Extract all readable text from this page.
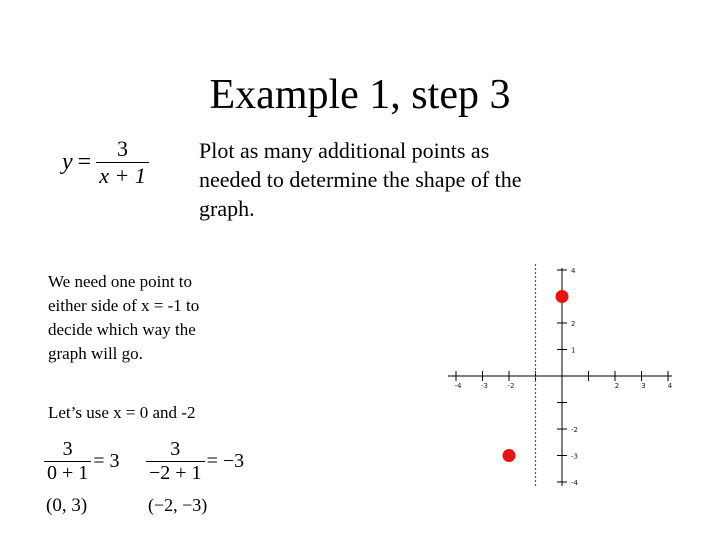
Example 1, step 3
$y = \frac{3}{x + 1}$ Plot as many additional points as needed to determine the shape of the graph.
We need one point to either side of x = -1 to decide which way the graph will go.
Let’s use x = 0 and -2
$\frac{3}{0 + 1} = 3 \frac{3}{-2 + 1} = -3$
(0, 3)	(−2, −3)
-4	-3	-2	2	3	4
4
2
1
-2
-3
-4
